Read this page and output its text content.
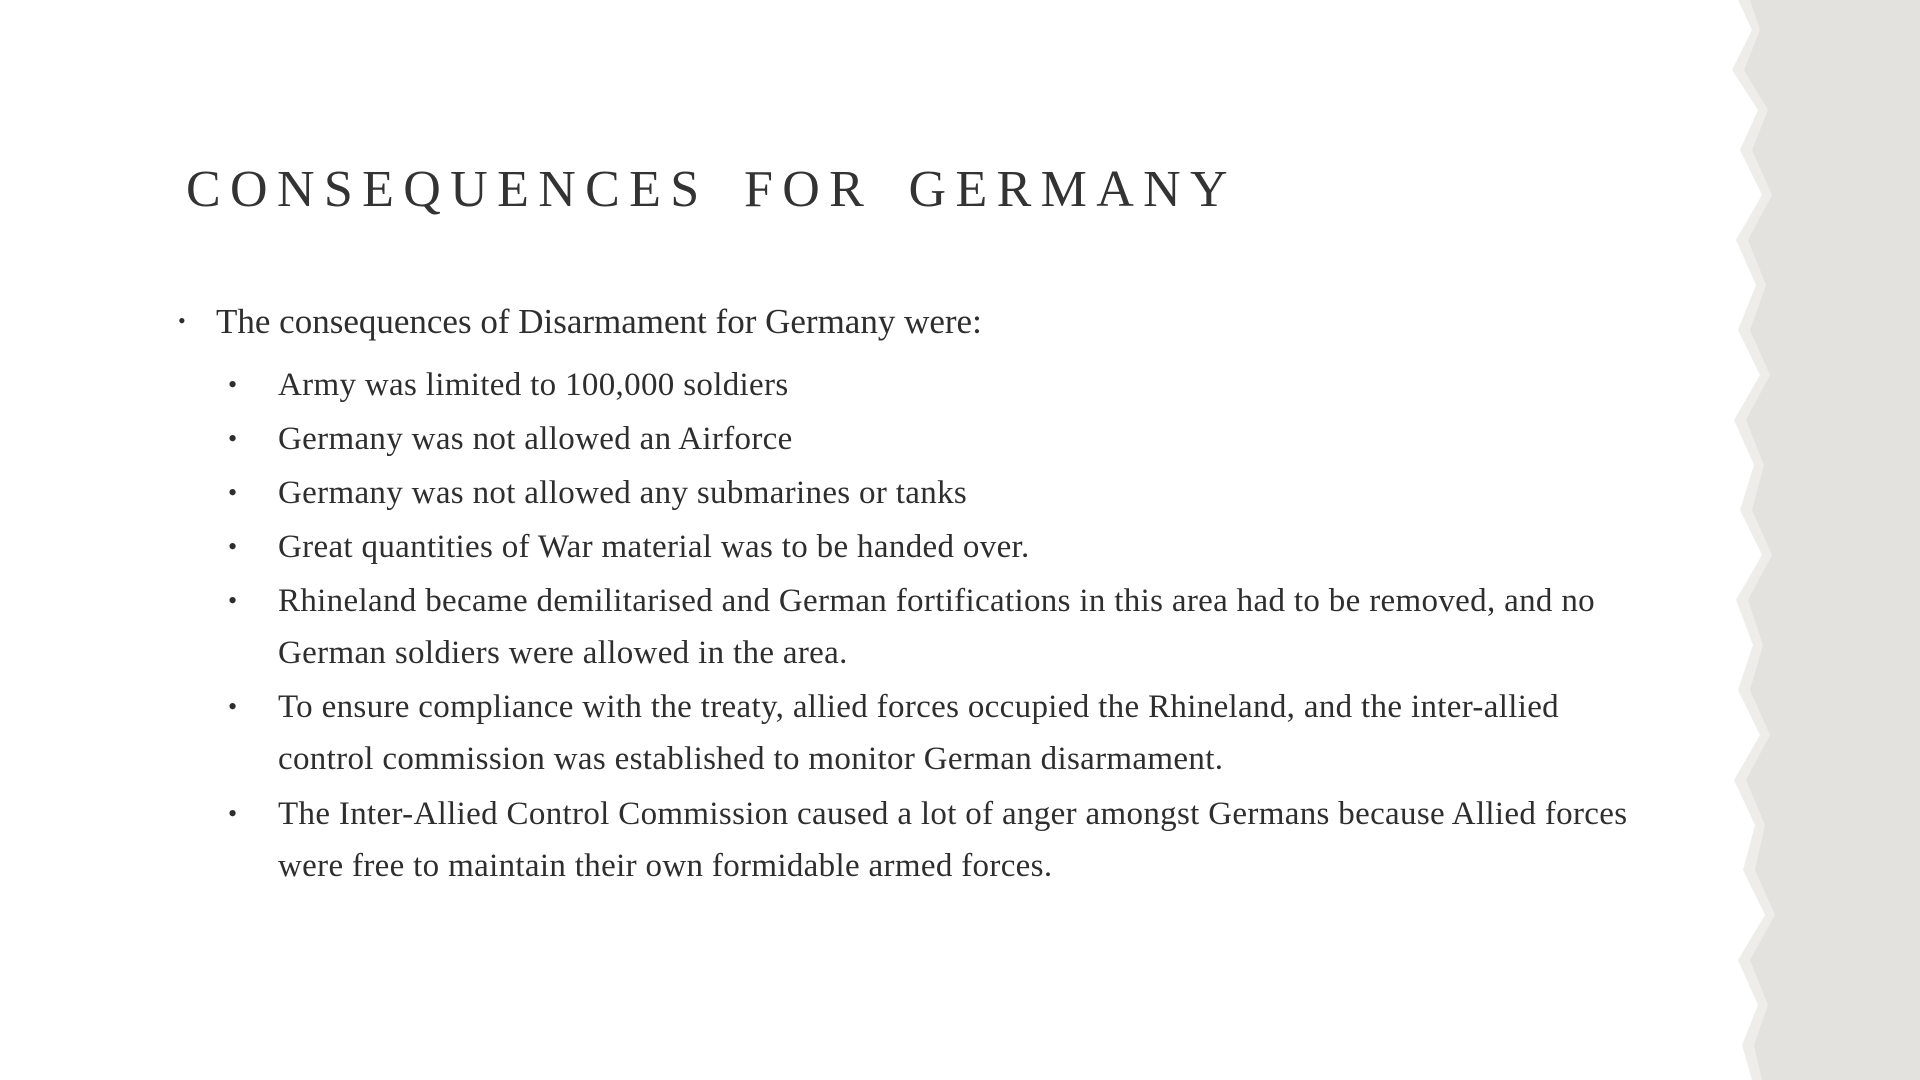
CONSEQUENCES FOR GERMANY
• The consequences of Disarmament for Germany were:
•	Army was limited to 100,000 soldiers
•	Germany was not allowed an Airforce
•	Germany was not allowed any submarines or tanks
•	Great quantities of War material was to be handed over.
•	Rhineland became demilitarised and German fortifications in this area had to be removed, and no German soldiers were allowed in the area.
•	To ensure compliance with the treaty, allied forces occupied the Rhineland, and the inter-allied control commission was established to monitor German disarmament.
•	The Inter-Allied Control Commission caused a lot of anger amongst Germans because Allied forces were free to maintain their own formidable armed forces.
